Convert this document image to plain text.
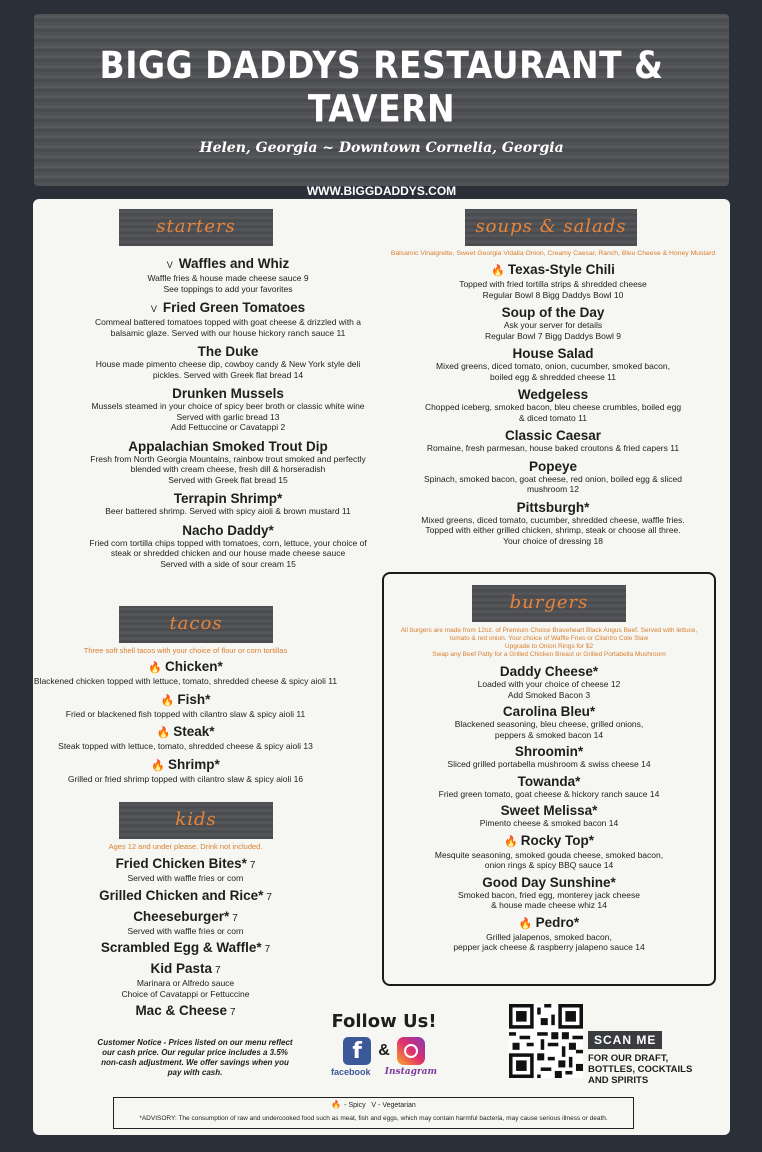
BIGG DADDYS RESTAURANT & TAVERN
Helen, Georgia ~ Downtown Cornelia, Georgia
WWW.BIGGDADDYS.COM
starters
V Waffles and Whiz
Waffle fries & house made cheese sauce 9
See toppings to add your favorites
V Fried Green Tomatoes
Commeal battered tomatoes topped with goat cheese & drizzled with a
balsamic glaze. Served with our house hickory ranch sauce 11
The Duke
House made pimento cheese dip, cowboy candy & New York style deli
pickles. Served with Greek flat bread 14
Drunken Mussels
Mussels steamed in your choice of spicy beer broth or classic white wine
Served with garlic bread 13
Add Fettuccine or Cavatappi 2
Appalachian Smoked Trout Dip
Fresh from North Georgia Mountains, rainbow trout smoked and perfectly
blended with cream cheese, fresh dill & horseradish
Served with Greek flat bread 15
Terrapin Shrimp*
Beer battered shrimp. Served with spicy aioli & brown mustard 11
Nacho Daddy*
Fried corn tortilla chips topped with tomatoes, corn, lettuce, your choice of
steak or shredded chicken and our house made cheese sauce
Served with a side of sour cream 15
tacos
Three soft shell tacos with your choice of flour or corn tortillas
🔥 Chicken*
Blackened chicken topped with lettuce, tomato, shredded cheese & spicy aioli 11
🔥 Fish*
Fried or blackened fish topped with cilantro slaw & spicy aioli 11
🔥 Steak*
Steak topped with lettuce, tomato, shredded cheese & spicy aioli 13
🔥 Shrimp*
Grilled or fried shrimp topped with cilantro slaw & spicy aioli 16
kids
Ages 12 and under please. Drink not included.
Fried Chicken Bites* 7
Served with waffle fries or corn
Grilled Chicken and Rice* 7
Cheeseburger* 7
Served with waffle fries or corn
Scrambled Egg & Waffle* 7
Kid Pasta 7
Marinara or Alfredo sauce
Choice of Cavatappi or Fettuccine
Mac & Cheese 7
soups & salads
Balsamic Vinaigrette, Sweet Georgia Vidalia Onion, Creamy Caesar, Ranch, Bleu Cheese & Honey Mustard
🔥 Texas-Style Chili
Topped with fried tortilla strips & shredded cheese
Regular Bowl 8 Bigg Daddys Bowl 10
Soup of the Day
Ask your server for details
Regular Bowl 7 Bigg Daddys Bowl 9
House Salad
Mixed greens, diced tomato, onion, cucumber, smoked bacon,
boiled egg & shredded cheese 11
Wedgeless
Chopped iceberg, smoked bacon, bleu cheese crumbles, boiled egg
& diced tomato 11
Classic Caesar
Romaine, fresh parmesan, house baked croutons & fried capers 11
Popeye
Spinach, smoked bacon, goat cheese, red onion, boiled egg & sliced
mushroom 12
Pittsburgh*
Mixed greens, diced tomato, cucumber, shredded cheese, waffle fries.
Topped with either grilled chicken, shrimp, steak or choose all three.
Your choice of dressing 18
burgers
All burgers are made from 12oz. of Premium Choice Braveheart Black Angus Beef. Served with lettuce,
tomato & red onion. Your choice of Waffle Fries or Cilantro Cole Slaw
Upgrade to Onion Rings for $2
Swap any Beef Patty for a Grilled Chicken Breast or Grilled Portabella Mushroom
Daddy Cheese*
Loaded with your choice of cheese 12
Add Smoked Bacon 3
Carolina Bleu*
Blackened seasoning, bleu cheese, grilled onions,
peppers & smoked bacon 14
Shroomin*
Sliced grilled portabella mushroom & swiss cheese 14
Towanda*
Fried green tomato, goat cheese & hickory ranch sauce 14
Sweet Melissa*
Pimento cheese & smoked bacon 14
🔥 Rocky Top*
Mesquite seasoning, smoked gouda cheese, smoked bacon,
onion rings & spicy BBQ sauce 14
Good Day Sunshine*
Smoked bacon, fried egg, monterey jack cheese
& house made cheese whiz 14
🔥 Pedro*
Grilled jalapenos, smoked bacon,
pepper jack cheese & raspberry jalapeno sauce 14
Customer Notice - Prices listed on our menu reflect our cash price. Our regular price includes a 3.5% non-cash adjustment. We offer savings when you pay with cash.
Follow Us!
f	&
facebook Instagram
SCAN ME
FOR OUR DRAFT, BOTTLES, COCKTAILS AND SPIRITS
🔥 - Spicy V - Vegetarian
*ADVISORY: The consumption of raw and undercooked food such as meat, fish and eggs, which may contain harmful bacteria, may cause serious illness or death.
